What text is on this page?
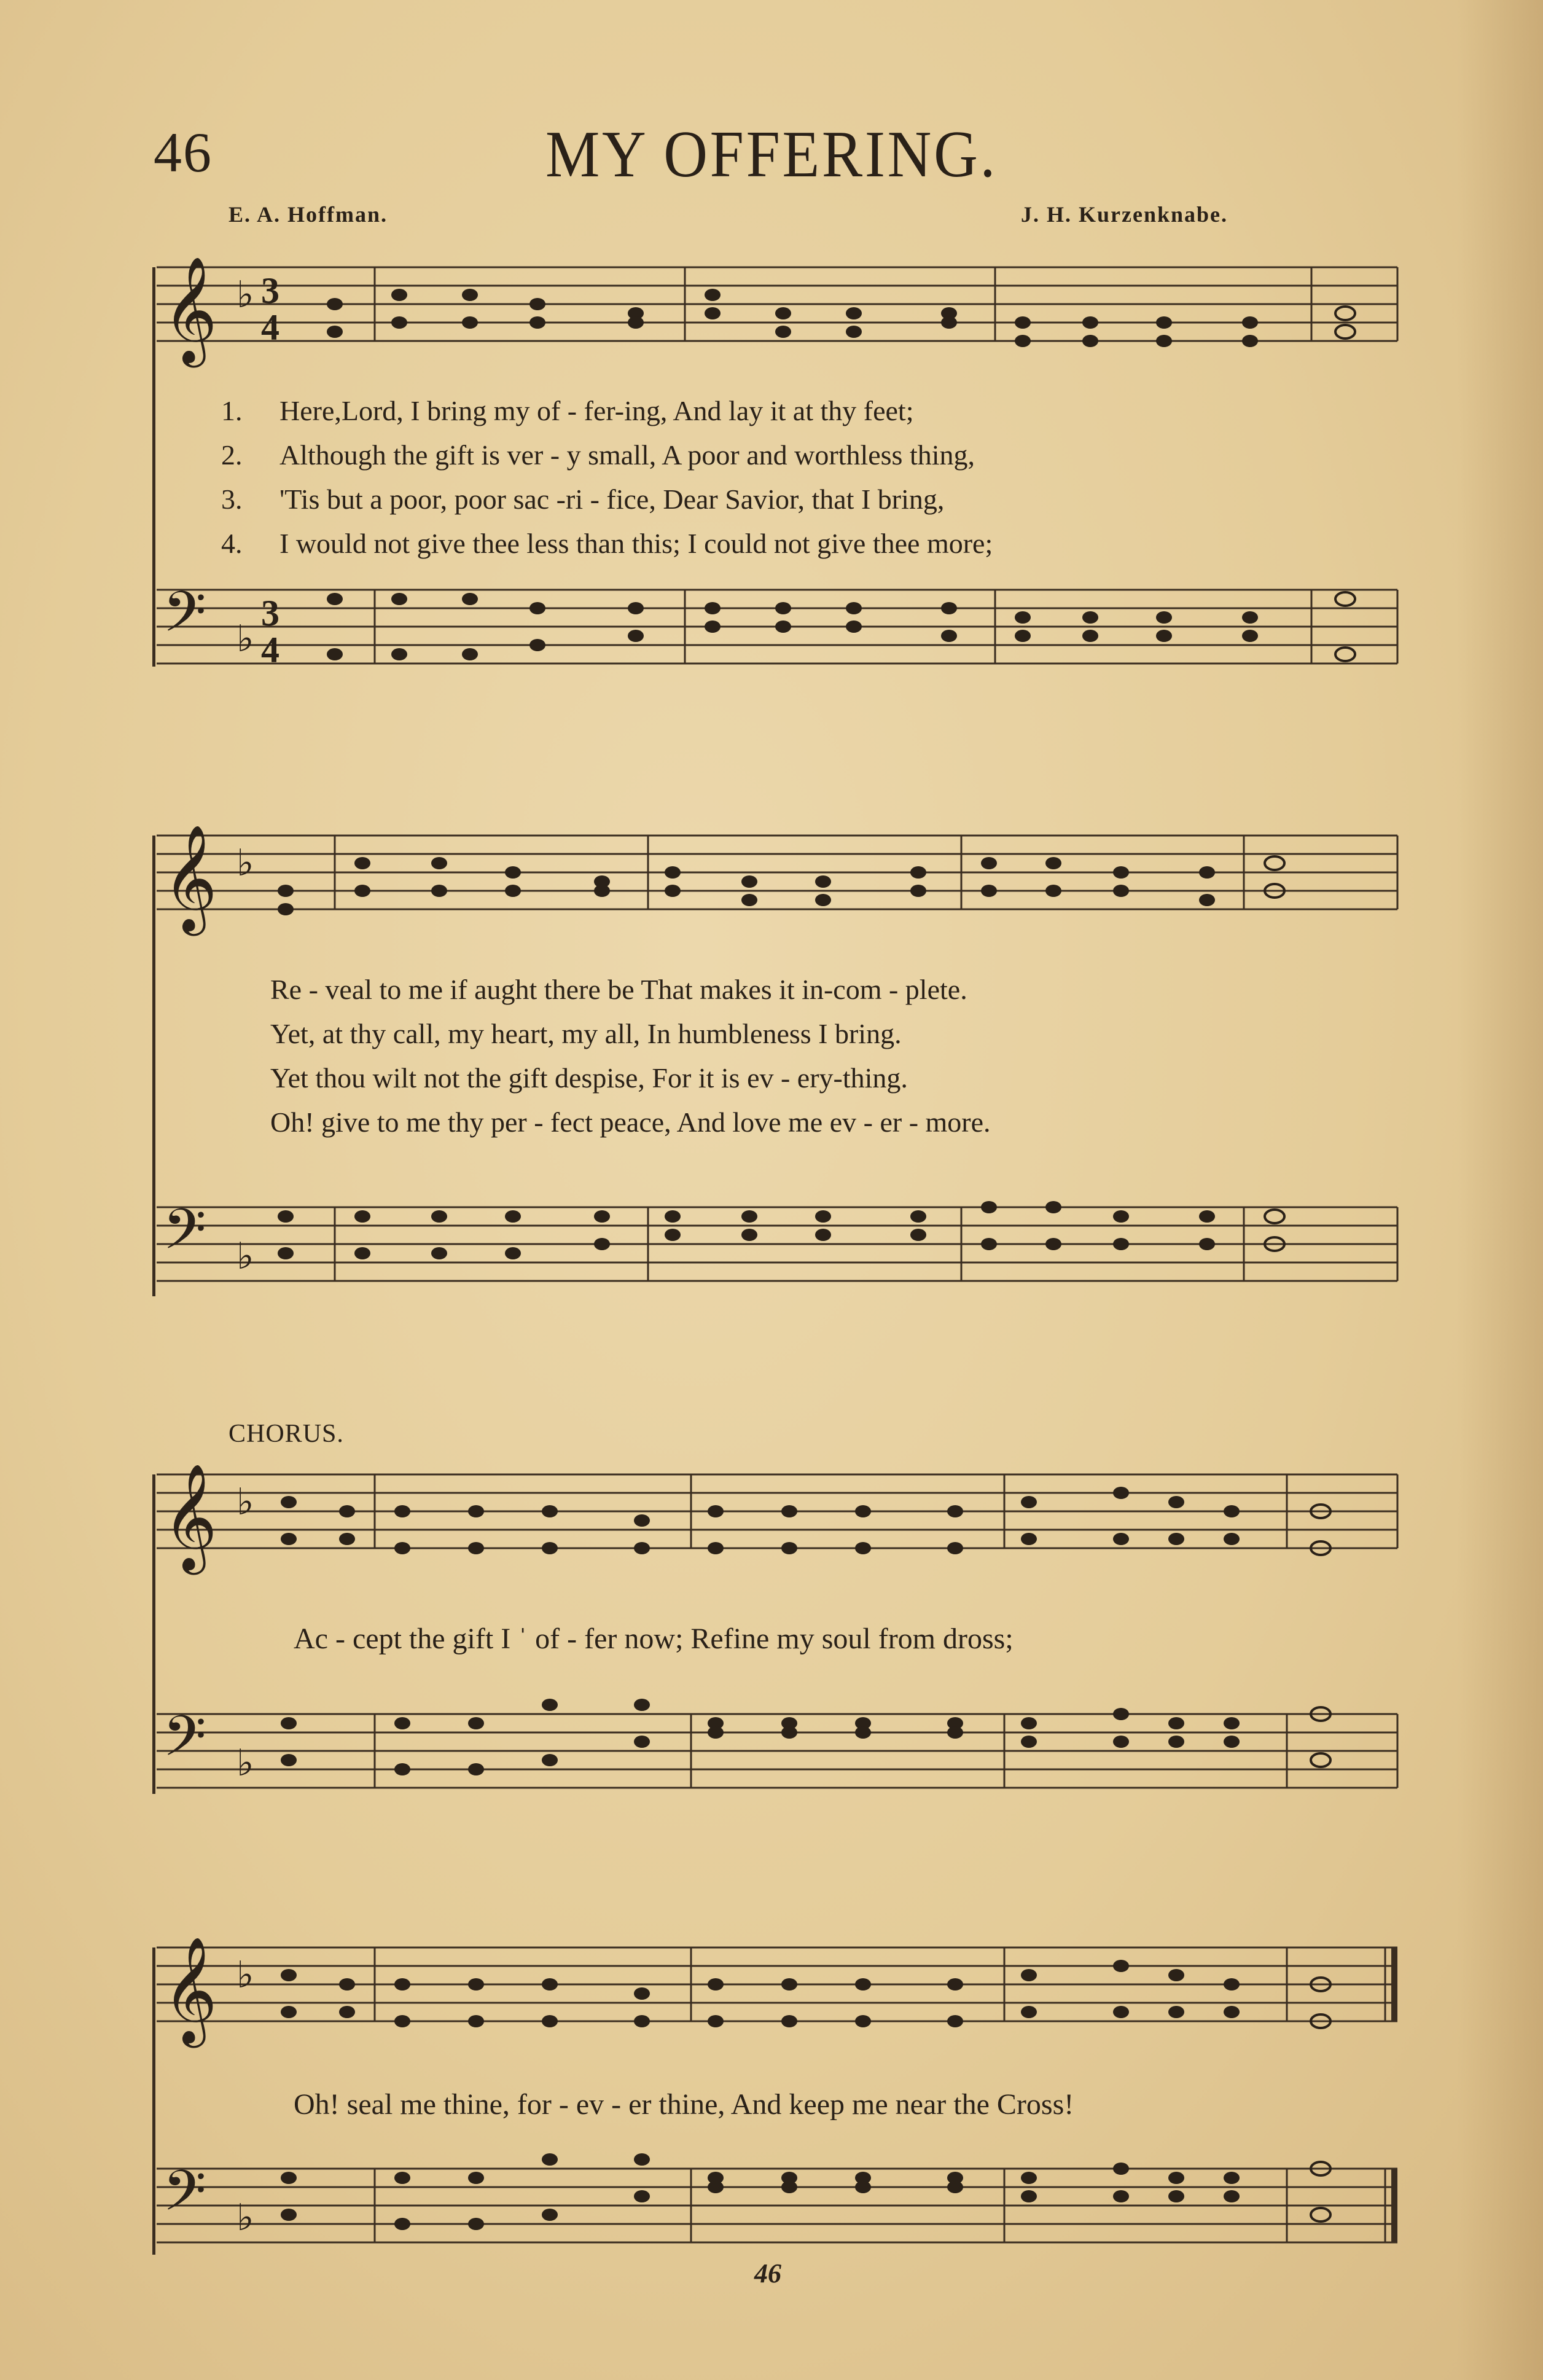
46	MY OFFERING.
E. A. Hoffman.	J. H. Kurzenknabe.
𝄞 ♭ 3
4
1. Here,Lord, I bring my of - fer-ing, And lay it at thy feet;
2. Although the gift is ver - y small, A poor and worthless thing,
3. 'Tis but a poor, poor sac -ri - fice, Dear Savior, that I bring,
4. I would not give thee less than this; I could not give thee more;
𝄢 ♭
3
4
𝄞 ♭
Re - veal to me if aught there be That makes it in-com - plete.
Yet, at thy call, my heart, my all, In humbleness I bring.
Yet thou wilt not the gift despise, For it is ev - ery-thing.
Oh! give to me thy per - fect peace, And love me ev - er - more.
𝄢 ♭
CHORUS.
𝄞 ♭
Ac - cept the gift I ˈ of - fer now; Refine my soul from dross;
𝄢 ♭
𝄞 ♭
Oh! seal me thine, for - ev - er thine, And keep me near the Cross!
𝄢 ♭
46
